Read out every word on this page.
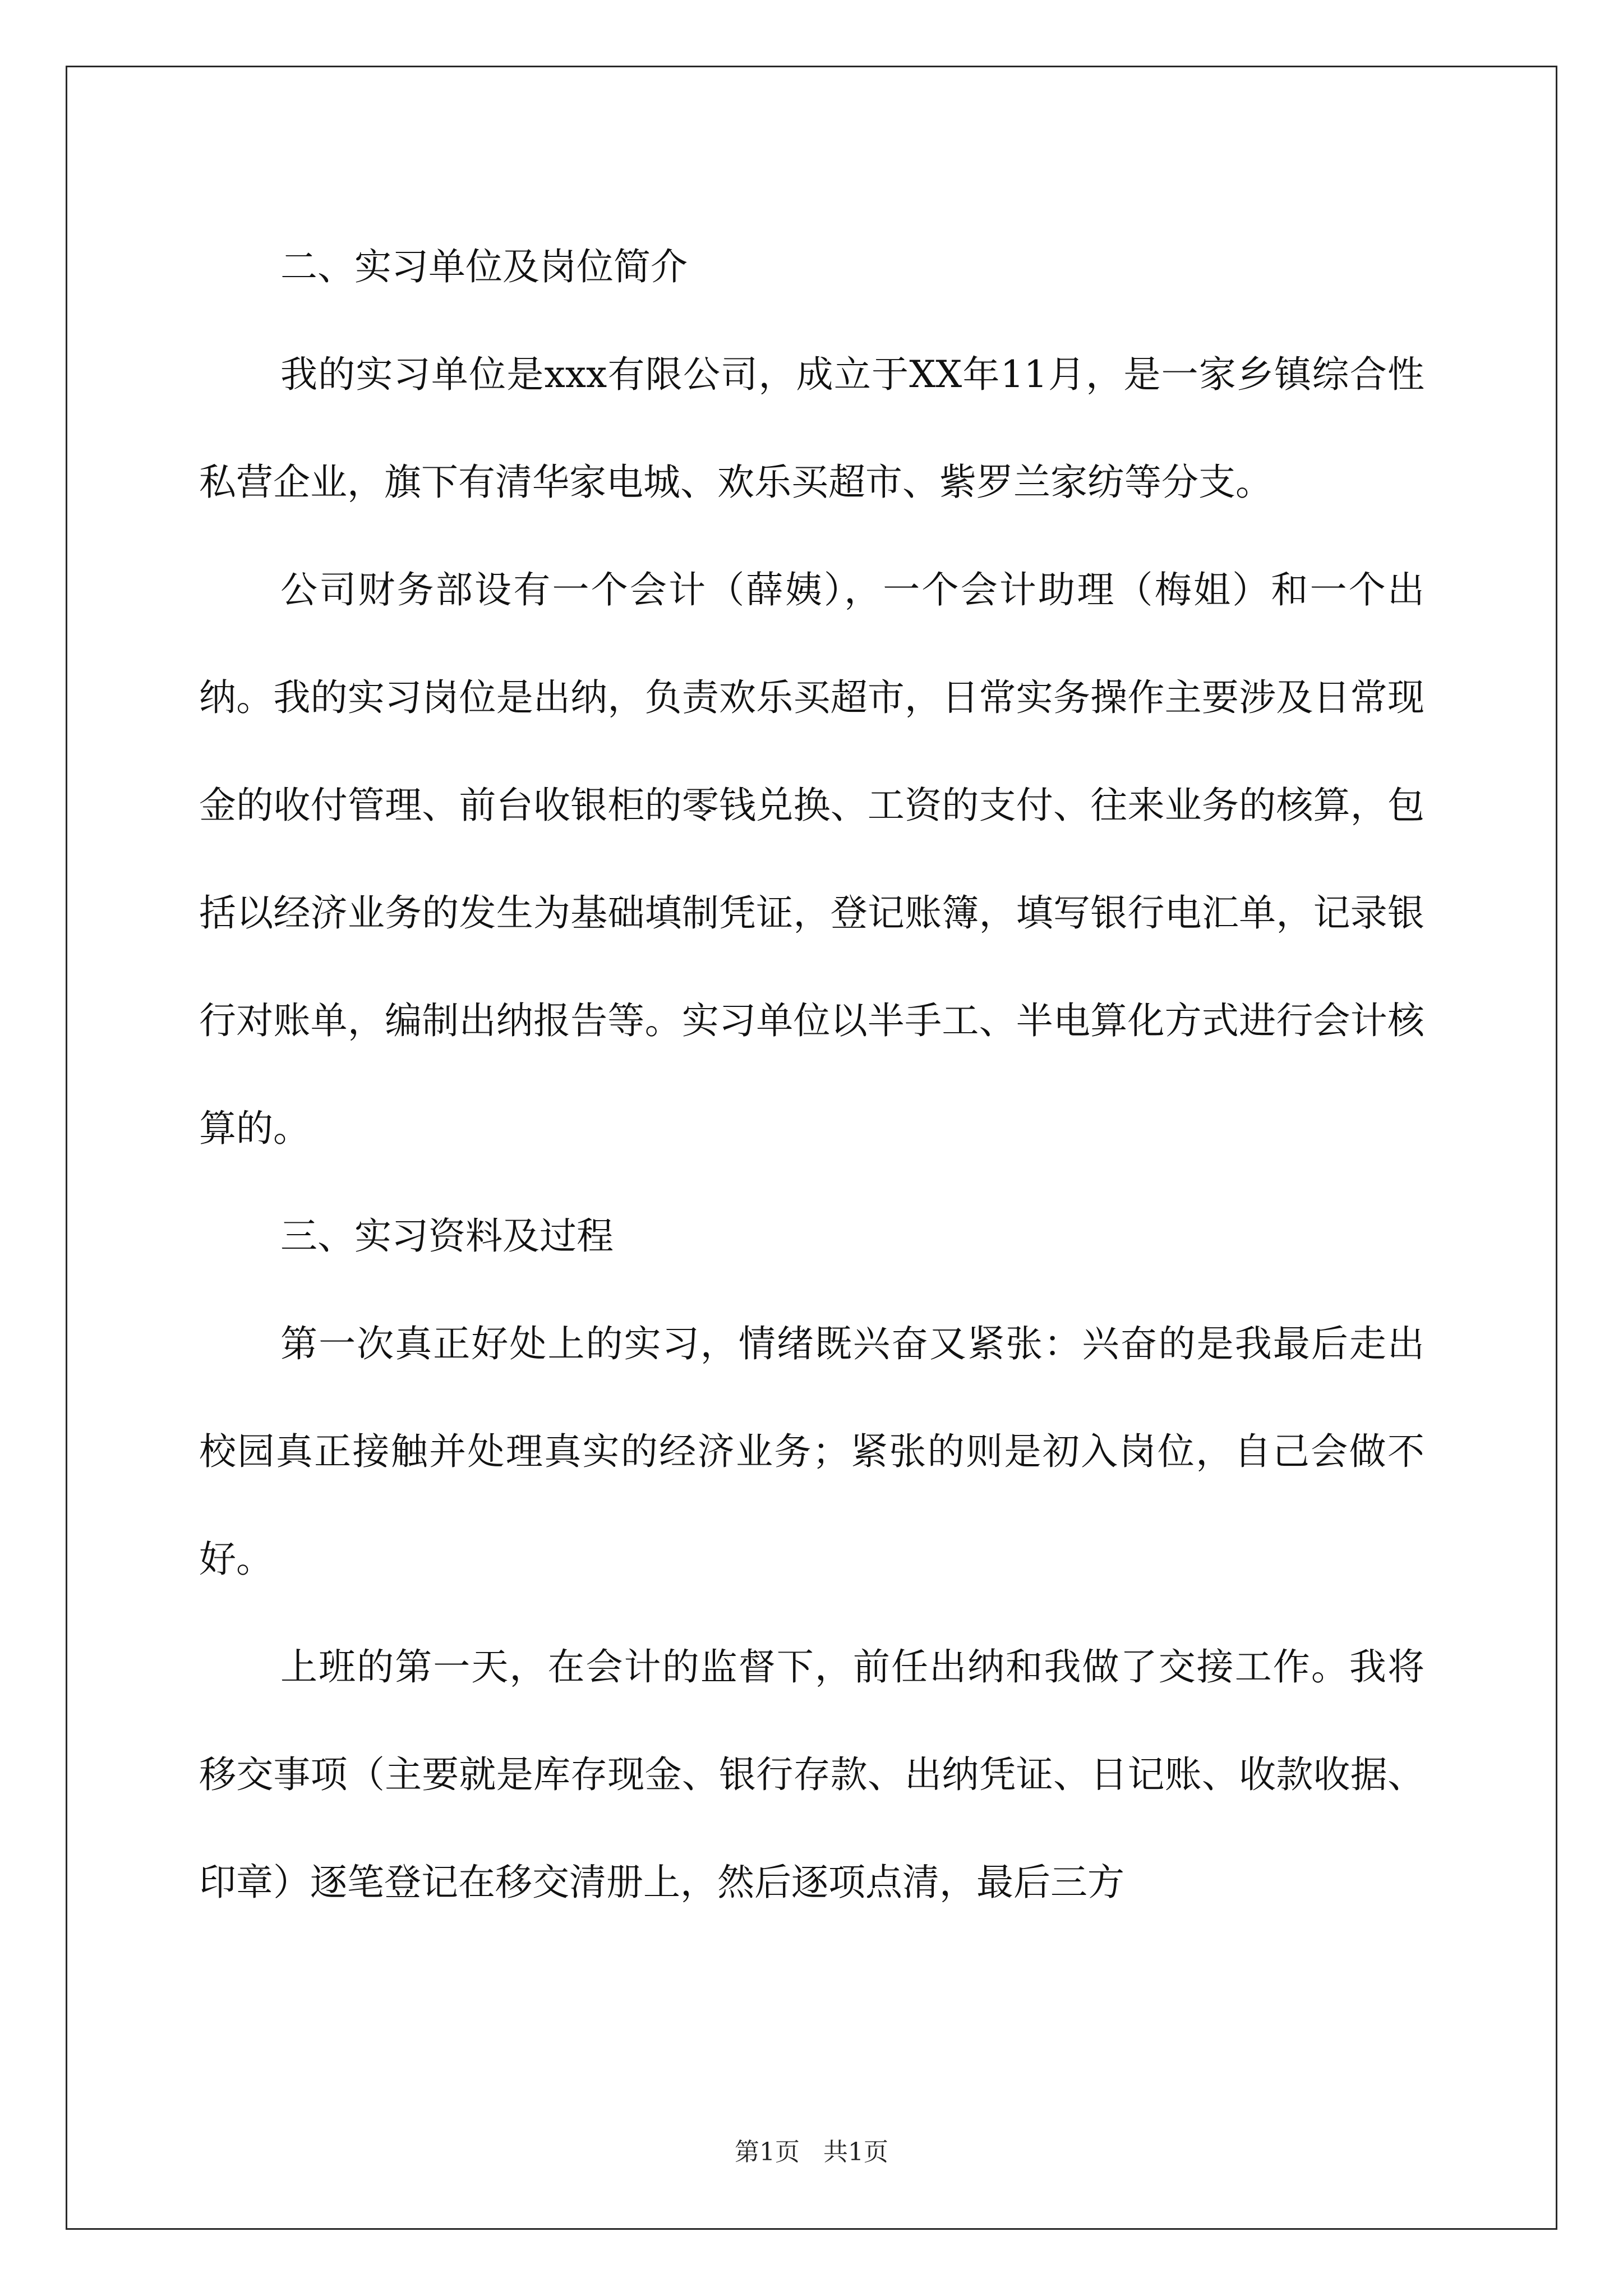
二、实习单位及岗位简介

我的实习单位是xxx有限公司，成立于XX年11月，是一家乡镇综合性私营企业，旗下有清华家电城、欢乐买超市、紫罗兰家纺等分支。

公司财务部设有一个会计（薛姨），一个会计助理（梅姐）和一个出纳。我的实习岗位是出纳，负责欢乐买超市，日常实务操作主要涉及日常现金的收付管理、前台收银柜的零钱兑换、工资的支付、往来业务的核算，包括以经济业务的发生为基础填制凭证，登记账簿，填写银行电汇单，记录银行对账单，编制出纳报告等。实习单位以半手工、半电算化方式进行会计核算的。

三、实习资料及过程

第一次真正好处上的实习，情绪既兴奋又紧张：兴奋的是我最后走出校园真正接触并处理真实的经济业务；紧张的则是初入岗位，自己会做不好。

上班的第一天，在会计的监督下，前任出纳和我做了交接工作。我将移交事项（主要就是库存现金、银行存款、出纳凭证、日记账、收款收据、印章）逐笔登记在移交清册上，然后逐项点清，最后三方

第1页 共1页
